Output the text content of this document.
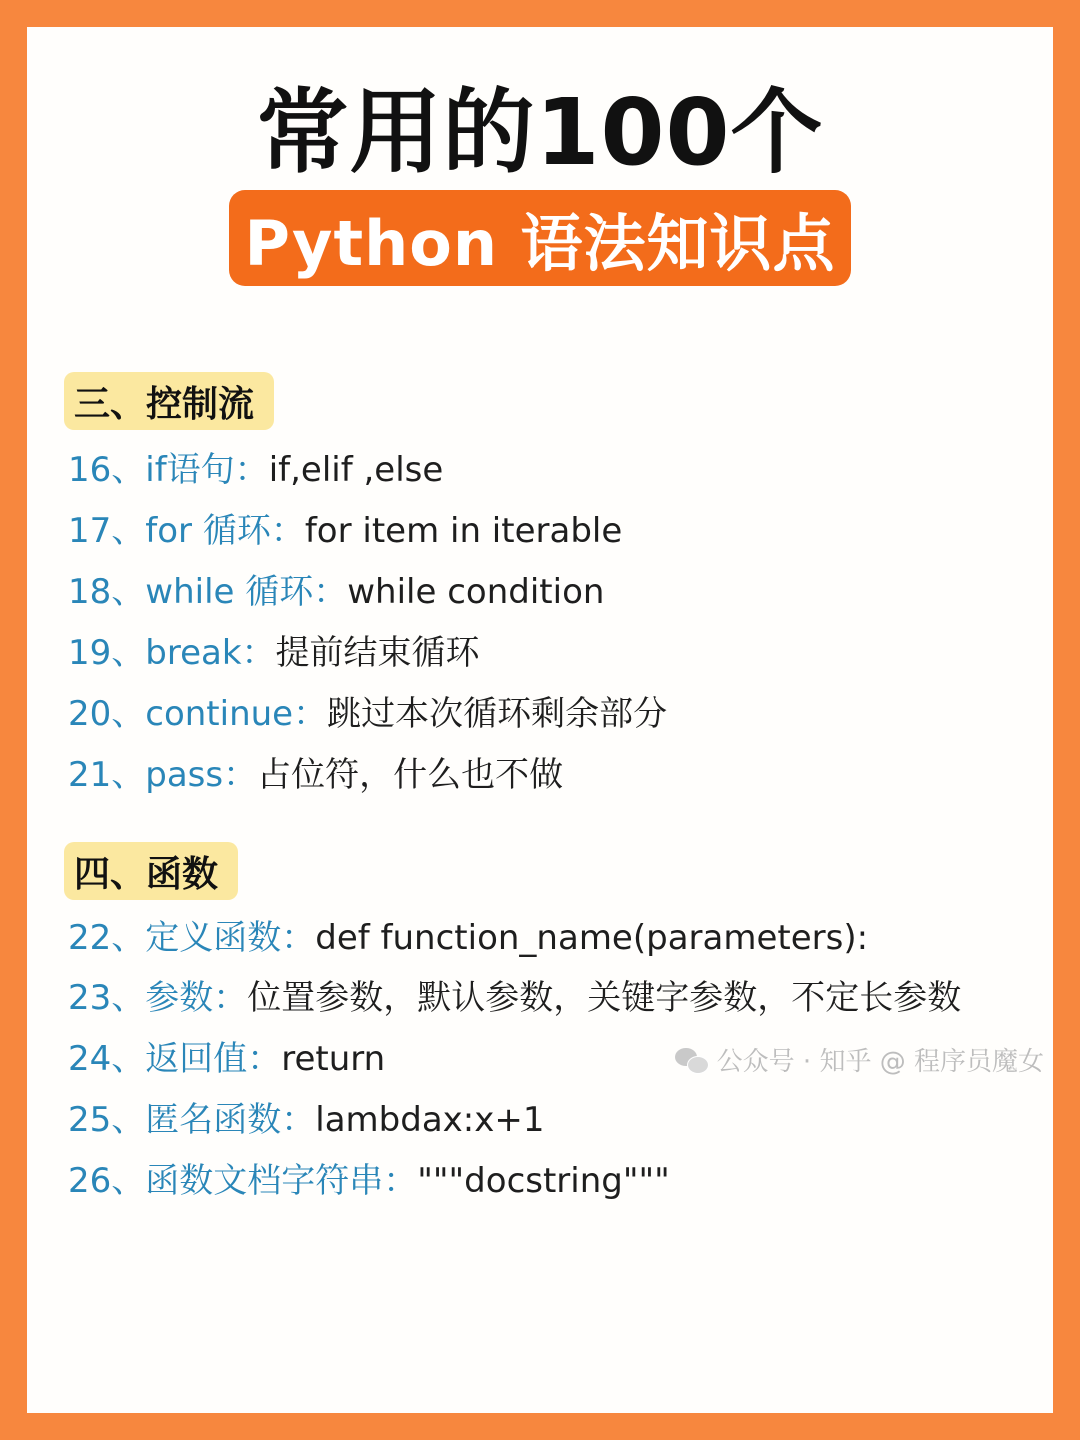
常用的100个
Python 语法知识点
三、控制流
16、if语句：if,elif ,else
17、for 循环：for item in iterable
18、while 循环：while condition
19、break：提前结束循环
20、continue：跳过本次循环剩余部分
21、pass：占位符，什么也不做
四、函数
22、定义函数：def function_name(parameters):
23、参数：位置参数，默认参数，关键字参数，不定长参数
24、返回值：return
25、匿名函数：lambdax:x+1
26、函数文档字符串："""docstring"""
公众号 · 知乎 @ 程序员魔女
